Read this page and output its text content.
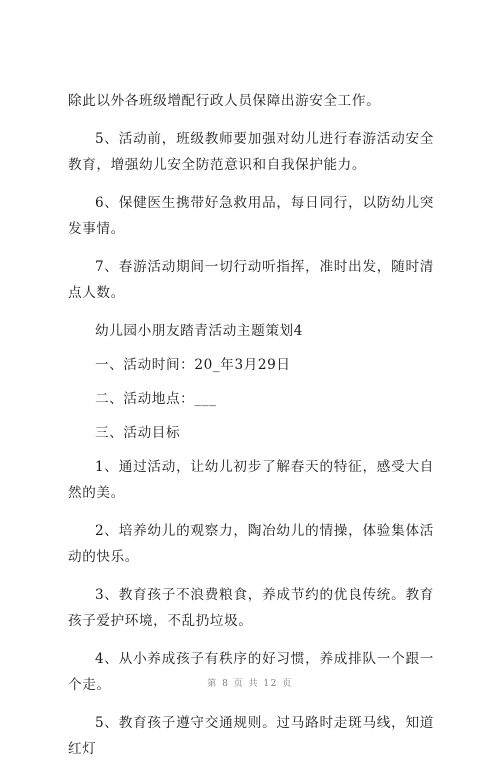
除此以外各班级增配行政人员保障出游安全工作。

5、活动前，班级教师要加强对幼儿进行春游活动安全教育，增强幼儿安全防范意识和自我保护能力。

6、保健医生携带好急救用品，每日同行，以防幼儿突发事情。

7、春游活动期间一切行动听指挥，准时出发，随时清点人数。

幼儿园小朋友踏青活动主题策划4

一、活动时间：20_年3月29日

二、活动地点：___

三、活动目标

1、通过活动，让幼儿初步了解春天的特征，感受大自然的美。

2、培养幼儿的观察力，陶冶幼儿的情操，体验集体活动的快乐。

3、教育孩子不浪费粮食，养成节约的优良传统。教育孩子爱护环境，不乱扔垃圾。

4、从小养成孩子有秩序的好习惯，养成排队一个跟一个走。

5、教育孩子遵守交通规则。过马路时走斑马线，知道红灯

第 8 页 共 12 页
